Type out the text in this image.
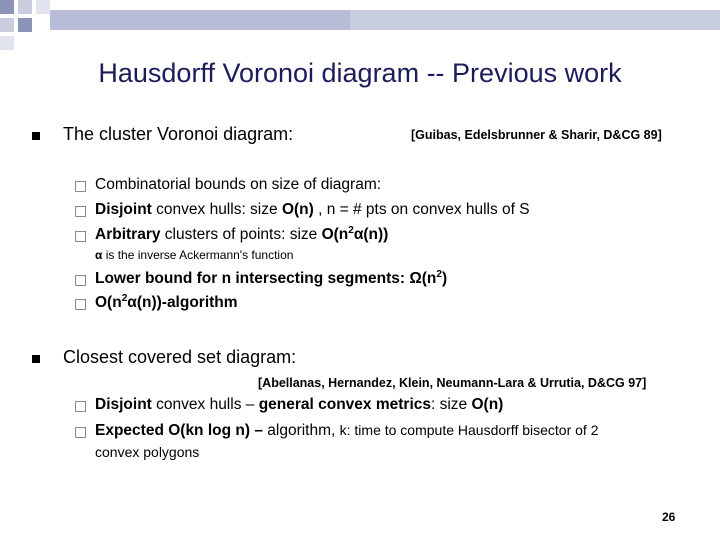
Hausdorff Voronoi diagram -- Previous work
The cluster Voronoi diagram:	[Guibas, Edelsbrunner & Sharir, D&CG 89]
□ Combinatorial bounds on size of diagram:
□ Disjoint convex hulls: size O(n) , n = # pts on convex hulls of S
□ Arbitrary clusters of points: size $O(n^2\alpha(n))$
α is the inverse Ackermann's function
□ Lower bound for n intersecting segments: $\Omega(n^2)$
□ $O(n^2\alpha(n))$-algorithm
Closest covered set diagram:
[Abellanas, Hernandez, Klein, Neumann-Lara & Urrutia, D&CG 97]
□ Disjoint convex hulls – general convex metrics: size O(n)
□ Expected O(kn log n) – algorithm, k: time to compute Hausdorff bisector of 2
convex polygons
26
